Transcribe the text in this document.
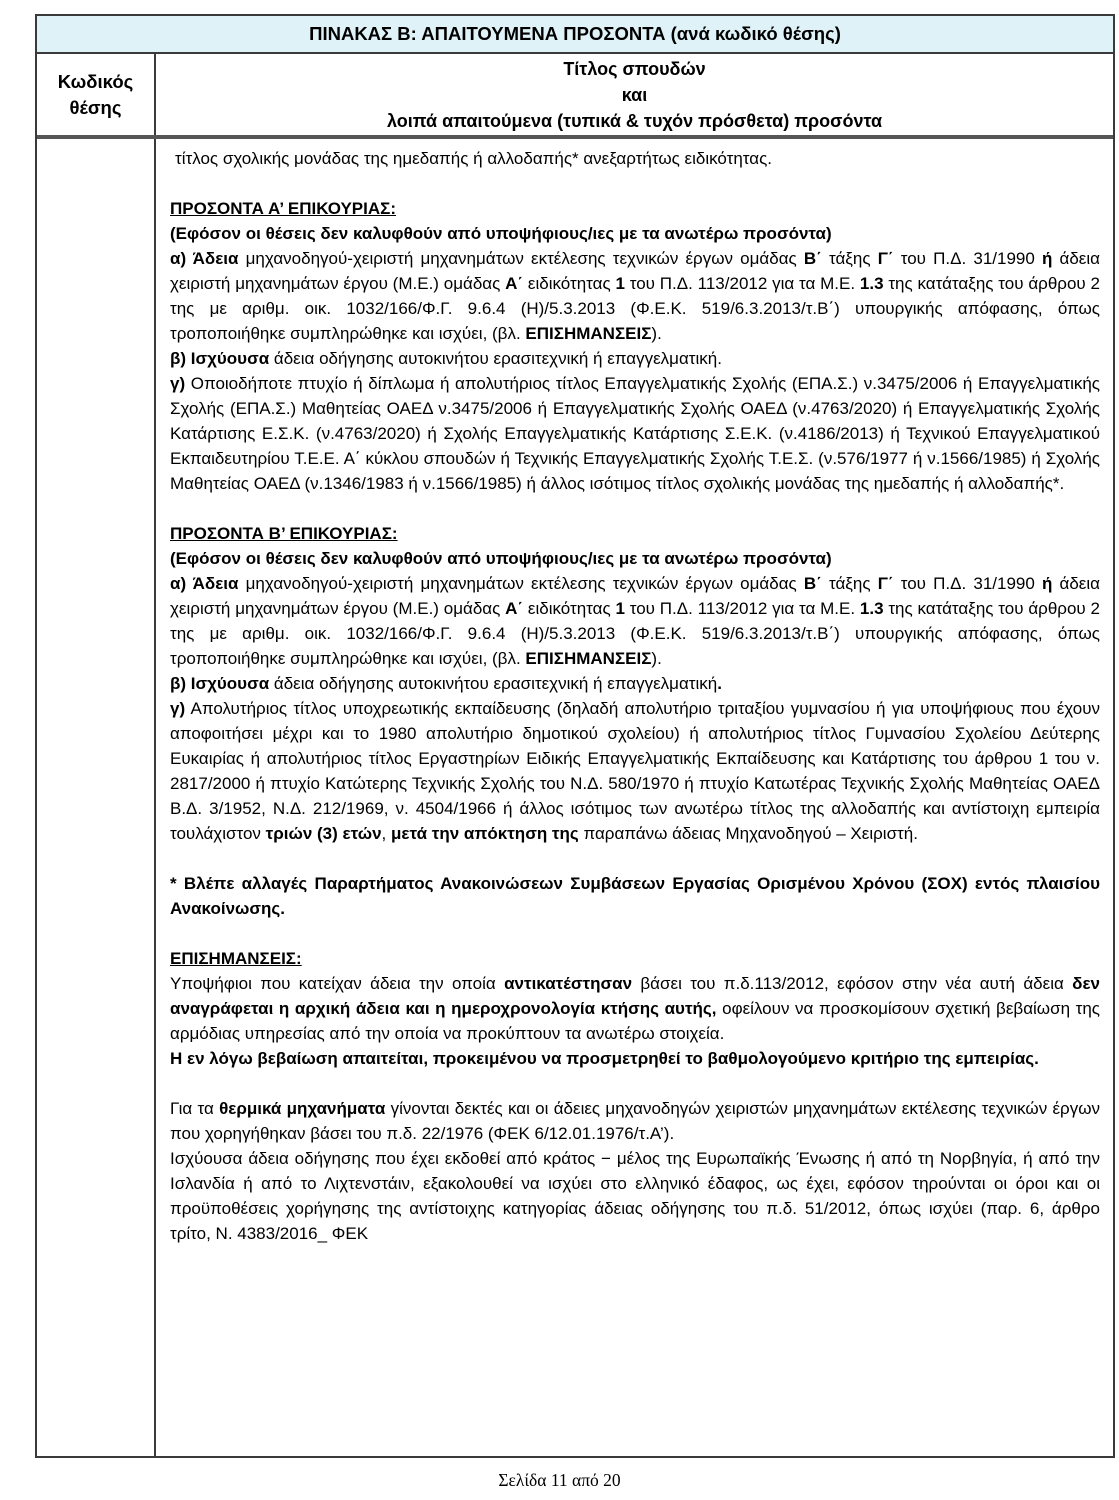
ΠΙΝΑΚΑΣ Β: ΑΠΑΙΤΟΥΜΕΝΑ ΠΡΟΣΟΝΤΑ (ανά κωδικό θέσης)
Κωδικός θέσης
Τίτλος σπουδών
και
λοιπά απαιτούμενα (τυπικά & τυχόν πρόσθετα) προσόντα
τίτλος σχολικής μονάδας της ημεδαπής ή αλλοδαπής* ανεξαρτήτως ειδικότητας.
ΠΡΟΣΟΝΤΑ Α’ ΕΠΙΚΟΥΡΙΑΣ:
(Εφόσον οι θέσεις δεν καλυφθούν από υποψήφιους/ιες με τα ανωτέρω προσόντα)
α) Άδεια μηχανοδηγού-χειριστή μηχανημάτων εκτέλεσης τεχνικών έργων ομάδας Β΄ τάξης Γ΄ του Π.Δ. 31/1990 ή άδεια χειριστή μηχανημάτων έργου (Μ.Ε.) ομάδας Α΄ ειδικότητας 1 του Π.Δ. 113/2012 για τα Μ.Ε. 1.3 της κατάταξης του άρθρου 2 της με αριθμ. οικ. 1032/166/Φ.Γ. 9.6.4 (Η)/5.3.2013 (Φ.Ε.Κ. 519/6.3.2013/τ.Β΄) υπουργικής απόφασης, όπως τροποποιήθηκε συμπληρώθηκε και ισχύει, (βλ. ΕΠΙΣΗΜΑΝΣΕΙΣ).
β) Ισχύουσα άδεια οδήγησης αυτοκινήτου ερασιτεχνική ή επαγγελματική.
γ) Οποιοδήποτε πτυχίο ή δίπλωμα ή απολυτήριος τίτλος Επαγγελματικής Σχολής (ΕΠΑ.Σ.) ν.3475/2006 ή Επαγγελματικής Σχολής (ΕΠΑ.Σ.) Μαθητείας ΟΑΕΔ ν.3475/2006 ή Επαγγελματικής Σχολής ΟΑΕΔ (ν.4763/2020) ή Επαγγελματικής Σχολής Κατάρτισης Ε.Σ.Κ. (ν.4763/2020) ή Σχολής Επαγγελματικής Κατάρτισης Σ.Ε.Κ. (ν.4186/2013) ή Τεχνικού Επαγγελματικού Εκπαιδευτηρίου Τ.Ε.Ε. Α΄ κύκλου σπουδών ή Τεχνικής Επαγγελματικής Σχολής Τ.Ε.Σ. (ν.576/1977 ή ν.1566/1985) ή Σχολής Μαθητείας ΟΑΕΔ (ν.1346/1983 ή ν.1566/1985) ή άλλος ισότιμος τίτλος σχολικής μονάδας της ημεδαπής ή αλλοδαπής*.
ΠΡΟΣΟΝΤΑ Β’ ΕΠΙΚΟΥΡΙΑΣ:
(Εφόσον οι θέσεις δεν καλυφθούν από υποψήφιους/ιες με τα ανωτέρω προσόντα)
α) Άδεια μηχανοδηγού-χειριστή μηχανημάτων εκτέλεσης τεχνικών έργων ομάδας Β΄ τάξης Γ΄ του Π.Δ. 31/1990 ή άδεια χειριστή μηχανημάτων έργου (Μ.Ε.) ομάδας Α΄ ειδικότητας 1 του Π.Δ. 113/2012 για τα Μ.Ε. 1.3 της κατάταξης του άρθρου 2 της με αριθμ. οικ. 1032/166/Φ.Γ. 9.6.4 (Η)/5.3.2013 (Φ.Ε.Κ. 519/6.3.2013/τ.Β΄) υπουργικής απόφασης, όπως τροποποιήθηκε συμπληρώθηκε και ισχύει, (βλ. ΕΠΙΣΗΜΑΝΣΕΙΣ).
β) Ισχύουσα άδεια οδήγησης αυτοκινήτου ερασιτεχνική ή επαγγελματική.
γ) Απολυτήριος τίτλος υποχρεωτικής εκπαίδευσης (δηλαδή απολυτήριο τριταξίου γυμνασίου ή για υποψήφιους που έχουν αποφοιτήσει μέχρι και το 1980 απολυτήριο δημοτικού σχολείου) ή απολυτήριος τίτλος Γυμνασίου Σχολείου Δεύτερης Ευκαιρίας ή απολυτήριος τίτλος Εργαστηρίων Ειδικής Επαγγελματικής Εκπαίδευσης και Κατάρτισης του άρθρου 1 του ν. 2817/2000 ή πτυχίο Κατώτερης Τεχνικής Σχολής του Ν.Δ. 580/1970 ή πτυχίο Κατωτέρας Τεχνικής Σχολής Μαθητείας ΟΑΕΔ Β.Δ. 3/1952, Ν.Δ. 212/1969, ν. 4504/1966 ή άλλος ισότιμος των ανωτέρω τίτλος της αλλοδαπής και αντίστοιχη εμπειρία τουλάχιστον τριών (3) ετών, μετά την απόκτηση της παραπάνω άδειας Μηχανοδηγού – Χειριστή.
* Βλέπε αλλαγές Παραρτήματος Ανακοινώσεων Συμβάσεων Εργασίας Ορισμένου Χρόνου (ΣΟΧ) εντός πλαισίου Ανακοίνωσης.
ΕΠΙΣΗΜΑΝΣΕΙΣ:
Υποψήφιοι που κατείχαν άδεια την οποία αντικατέστησαν βάσει του π.δ.113/2012, εφόσον στην νέα αυτή άδεια δεν αναγράφεται η αρχική άδεια και η ημεροχρονολογία κτήσης αυτής, οφείλουν να προσκομίσουν σχετική βεβαίωση της αρμόδιας υπηρεσίας από την οποία να προκύπτουν τα ανωτέρω στοιχεία.
Η εν λόγω βεβαίωση απαιτείται, προκειμένου να προσμετρηθεί το βαθμολογούμενο κριτήριο της εμπειρίας.
Για τα θερμικά μηχανήματα γίνονται δεκτές και οι άδειες μηχανοδηγών χειριστών μηχανημάτων εκτέλεσης τεχνικών έργων που χορηγήθηκαν βάσει του π.δ. 22/1976 (ΦΕΚ 6/12.01.1976/τ.Α’).
Ισχύουσα άδεια οδήγησης που έχει εκδοθεί από κράτος − μέλος της Ευρωπαϊκής Ένωσης ή από τη Νορβηγία, ή από την Ισλανδία ή από το Λιχτενστάιν, εξακολουθεί να ισχύει στο ελληνικό έδαφος, ως έχει, εφόσον τηρούνται οι όροι και οι προϋποθέσεις χορήγησης της αντίστοιχης κατηγορίας άδειας οδήγησης του π.δ. 51/2012, όπως ισχύει (παρ. 6, άρθρο τρίτο, Ν. 4383/2016_ ΦΕΚ
Σελίδα 11 από 20
